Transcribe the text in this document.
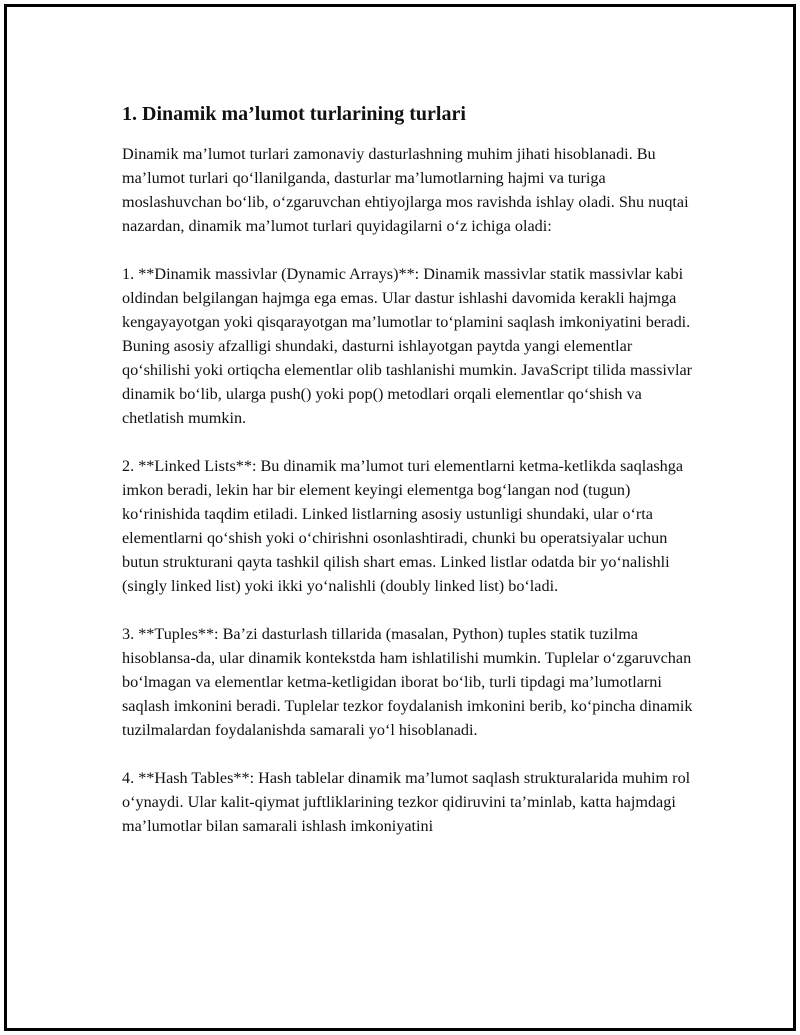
1. Dinamik ma’lumot turlarining turlari

Dinamik ma’lumot turlari zamonaviy dasturlashning muhim jihati hisoblanadi. Bu ma’lumot turlari qo‘llanilganda, dasturlar ma’lumotlarning hajmi va turiga moslashuvchan bo‘lib, o‘zgaruvchan ehtiyojlarga mos ravishda ishlay oladi. Shu nuqtai nazardan, dinamik ma’lumot turlari quyidagilarni o‘z ichiga oladi:

1. **Dinamik massivlar (Dynamic Arrays)**: Dinamik massivlar statik massivlar kabi oldindan belgilangan hajmga ega emas. Ular dastur ishlashi davomida kerakli hajmga kengayayotgan yoki qisqarayotgan ma’lumotlar to‘plamini saqlash imkoniyatini beradi. Buning asosiy afzalligi shundaki, dasturni ishlayotgan paytda yangi elementlar qo‘shilishi yoki ortiqcha elementlar olib tashlanishi mumkin. JavaScript tilida massivlar dinamik bo‘lib, ularga push() yoki pop() metodlari orqali elementlar qo‘shish va chetlatish mumkin.

2. **Linked Lists**: Bu dinamik ma’lumot turi elementlarni ketma-ketlikda saqlashga imkon beradi, lekin har bir element keyingi elementga bog‘langan nod (tugun) ko‘rinishida taqdim etiladi. Linked listlarning asosiy ustunligi shundaki, ular o‘rta elementlarni qo‘shish yoki o‘chirishni osonlashtiradi, chunki bu operatsiyalar uchun butun strukturani qayta tashkil qilish shart emas. Linked listlar odatda bir yo‘nalishli (singly linked list) yoki ikki yo‘nalishli (doubly linked list) bo‘ladi.

3. **Tuples**: Ba’zi dasturlash tillarida (masalan, Python) tuples statik tuzilma hisoblansa-da, ular dinamik kontekstda ham ishlatilishi mumkin. Tuplelar o‘zgaruvchan bo‘lmagan va elementlar ketma-ketligidan iborat bo‘lib, turli tipdagi ma’lumotlarni saqlash imkonini beradi. Tuplelar tezkor foydalanish imkonini berib, ko‘pincha dinamik tuzilmalardan foydalanishda samarali yo‘l hisoblanadi.

4. **Hash Tables**: Hash tablelar dinamik ma’lumot saqlash strukturalarida muhim rol o‘ynaydi. Ular kalit-qiymat juftliklarining tezkor qidiruvini ta’minlab, katta hajmdagi ma’lumotlar bilan samarali ishlash imkoniyatini
